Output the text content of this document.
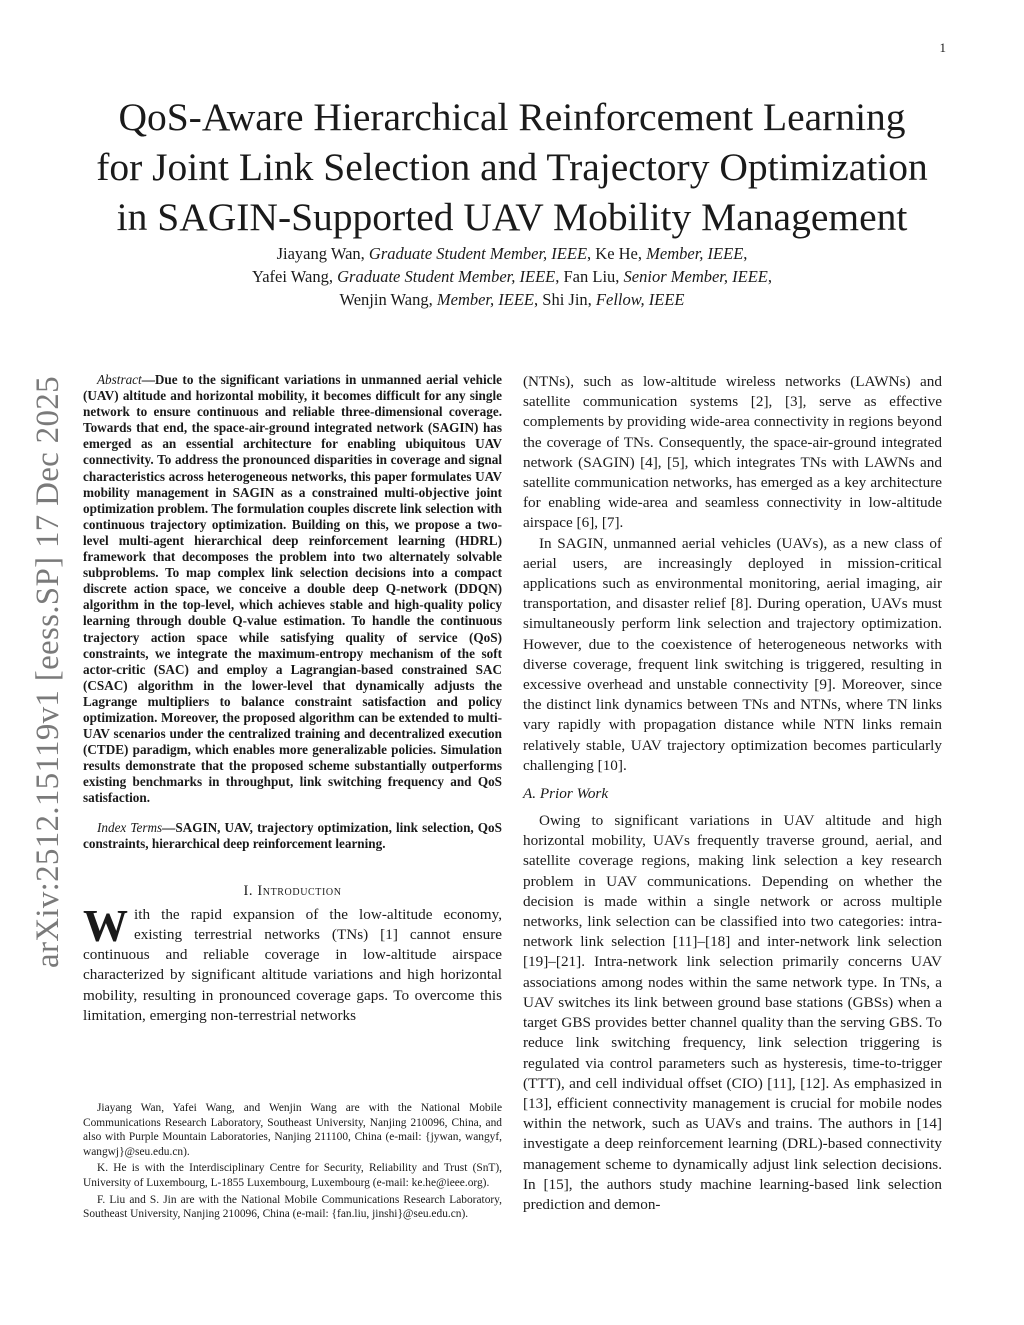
1
arXiv:2512.15119v1 [eess.SP] 17 Dec 2025
QoS-Aware Hierarchical Reinforcement Learning
for Joint Link Selection and Trajectory Optimization
in SAGIN-Supported UAV Mobility Management
Jiayang Wan, Graduate Student Member, IEEE, Ke He, Member, IEEE,
Yafei Wang, Graduate Student Member, IEEE, Fan Liu, Senior Member, IEEE,
Wenjin Wang, Member, IEEE, Shi Jin, Fellow, IEEE

Abstract—Due to the significant variations in unmanned aerial vehicle (UAV) altitude and horizontal mobility, it becomes difficult for any single network to ensure continuous and reliable three-dimensional coverage. Towards that end, the space-air-ground integrated network (SAGIN) has emerged as an essential architecture for enabling ubiquitous UAV connectivity. To address the pronounced disparities in coverage and signal characteristics across heterogeneous networks, this paper formulates UAV mobility management in SAGIN as a constrained multi-objective joint optimization problem. The formulation couples discrete link selection with continuous trajectory optimization. Building on this, we propose a two-level multi-agent hierarchical deep reinforcement learning (HDRL) framework that decomposes the problem into two alternately solvable subproblems. To map complex link selection decisions into a compact discrete action space, we conceive a double deep Q-network (DDQN) algorithm in the top-level, which achieves stable and high-quality policy learning through double Q-value estimation. To handle the continuous trajectory action space while satisfying quality of service (QoS) constraints, we integrate the maximum-entropy mechanism of the soft actor-critic (SAC) and employ a Lagrangian-based constrained SAC (CSAC) algorithm in the lower-level that dynamically adjusts the Lagrange multipliers to balance constraint satisfaction and policy optimization. Moreover, the proposed algorithm can be extended to multi-UAV scenarios under the centralized training and decentralized execution (CTDE) paradigm, which enables more generalizable policies. Simulation results demonstrate that the proposed scheme substantially outperforms existing benchmarks in throughput, link switching frequency and QoS satisfaction.

Index Terms—SAGIN, UAV, trajectory optimization, link selection, QoS constraints, hierarchical deep reinforcement learning.

I. Introduction

With the rapid expansion of the low-altitude economy, existing terrestrial networks (TNs) [1] cannot ensure continuous and reliable coverage in low-altitude airspace characterized by significant altitude variations and high horizontal mobility, resulting in pronounced coverage gaps. To overcome this limitation, emerging non-terrestrial networks

Jiayang Wan, Yafei Wang, and Wenjin Wang are with the National Mobile Communications Research Laboratory, Southeast University, Nanjing 210096, China, and also with Purple Mountain Laboratories, Nanjing 211100, China (e-mail: {jywan, wangyf, wangwj}@seu.edu.cn).

K. He is with the Interdisciplinary Centre for Security, Reliability and Trust (SnT), University of Luxembourg, L-1855 Luxembourg, Luxembourg (e-mail: ke.he@ieee.org).

F. Liu and S. Jin are with the National Mobile Communications Research Laboratory, Southeast University, Nanjing 210096, China (e-mail: {fan.liu, jinshi}@seu.edu.cn).

(NTNs), such as low-altitude wireless networks (LAWNs) and satellite communication systems [2], [3], serve as effective complements by providing wide-area connectivity in regions beyond the coverage of TNs. Consequently, the space-air-ground integrated network (SAGIN) [4], [5], which integrates TNs with LAWNs and satellite communication networks, has emerged as a key architecture for enabling wide-area and seamless connectivity in low-altitude airspace [6], [7].

In SAGIN, unmanned aerial vehicles (UAVs), as a new class of aerial users, are increasingly deployed in mission-critical applications such as environmental monitoring, aerial imaging, air transportation, and disaster relief [8]. During operation, UAVs must simultaneously perform link selection and trajectory optimization. However, due to the coexistence of heterogeneous networks with diverse coverage, frequent link switching is triggered, resulting in excessive overhead and unstable connectivity [9]. Moreover, since the distinct link dynamics between TNs and NTNs, where TN links vary rapidly with propagation distance while NTN links remain relatively stable, UAV trajectory optimization becomes particularly challenging [10].

A. Prior Work

Owing to significant variations in UAV altitude and high horizontal mobility, UAVs frequently traverse ground, aerial, and satellite coverage regions, making link selection a key research problem in UAV communications. Depending on whether the decision is made within a single network or across multiple networks, link selection can be classified into two categories: intra-network link selection [11]–[18] and inter-network link selection [19]–[21]. Intra-network link selection primarily concerns UAV associations among nodes within the same network type. In TNs, a UAV switches its link between ground base stations (GBSs) when a target GBS provides better channel quality than the serving GBS. To reduce link switching frequency, link selection triggering is regulated via control parameters such as hysteresis, time-to-trigger (TTT), and cell individual offset (CIO) [11], [12]. As emphasized in [13], efficient connectivity management is crucial for mobile nodes within the network, such as UAVs and trains. The authors in [14] investigate a deep reinforcement learning (DRL)-based connectivity management scheme to dynamically adjust link selection decisions. In [15], the authors study machine learning-based link selection prediction and demon-
